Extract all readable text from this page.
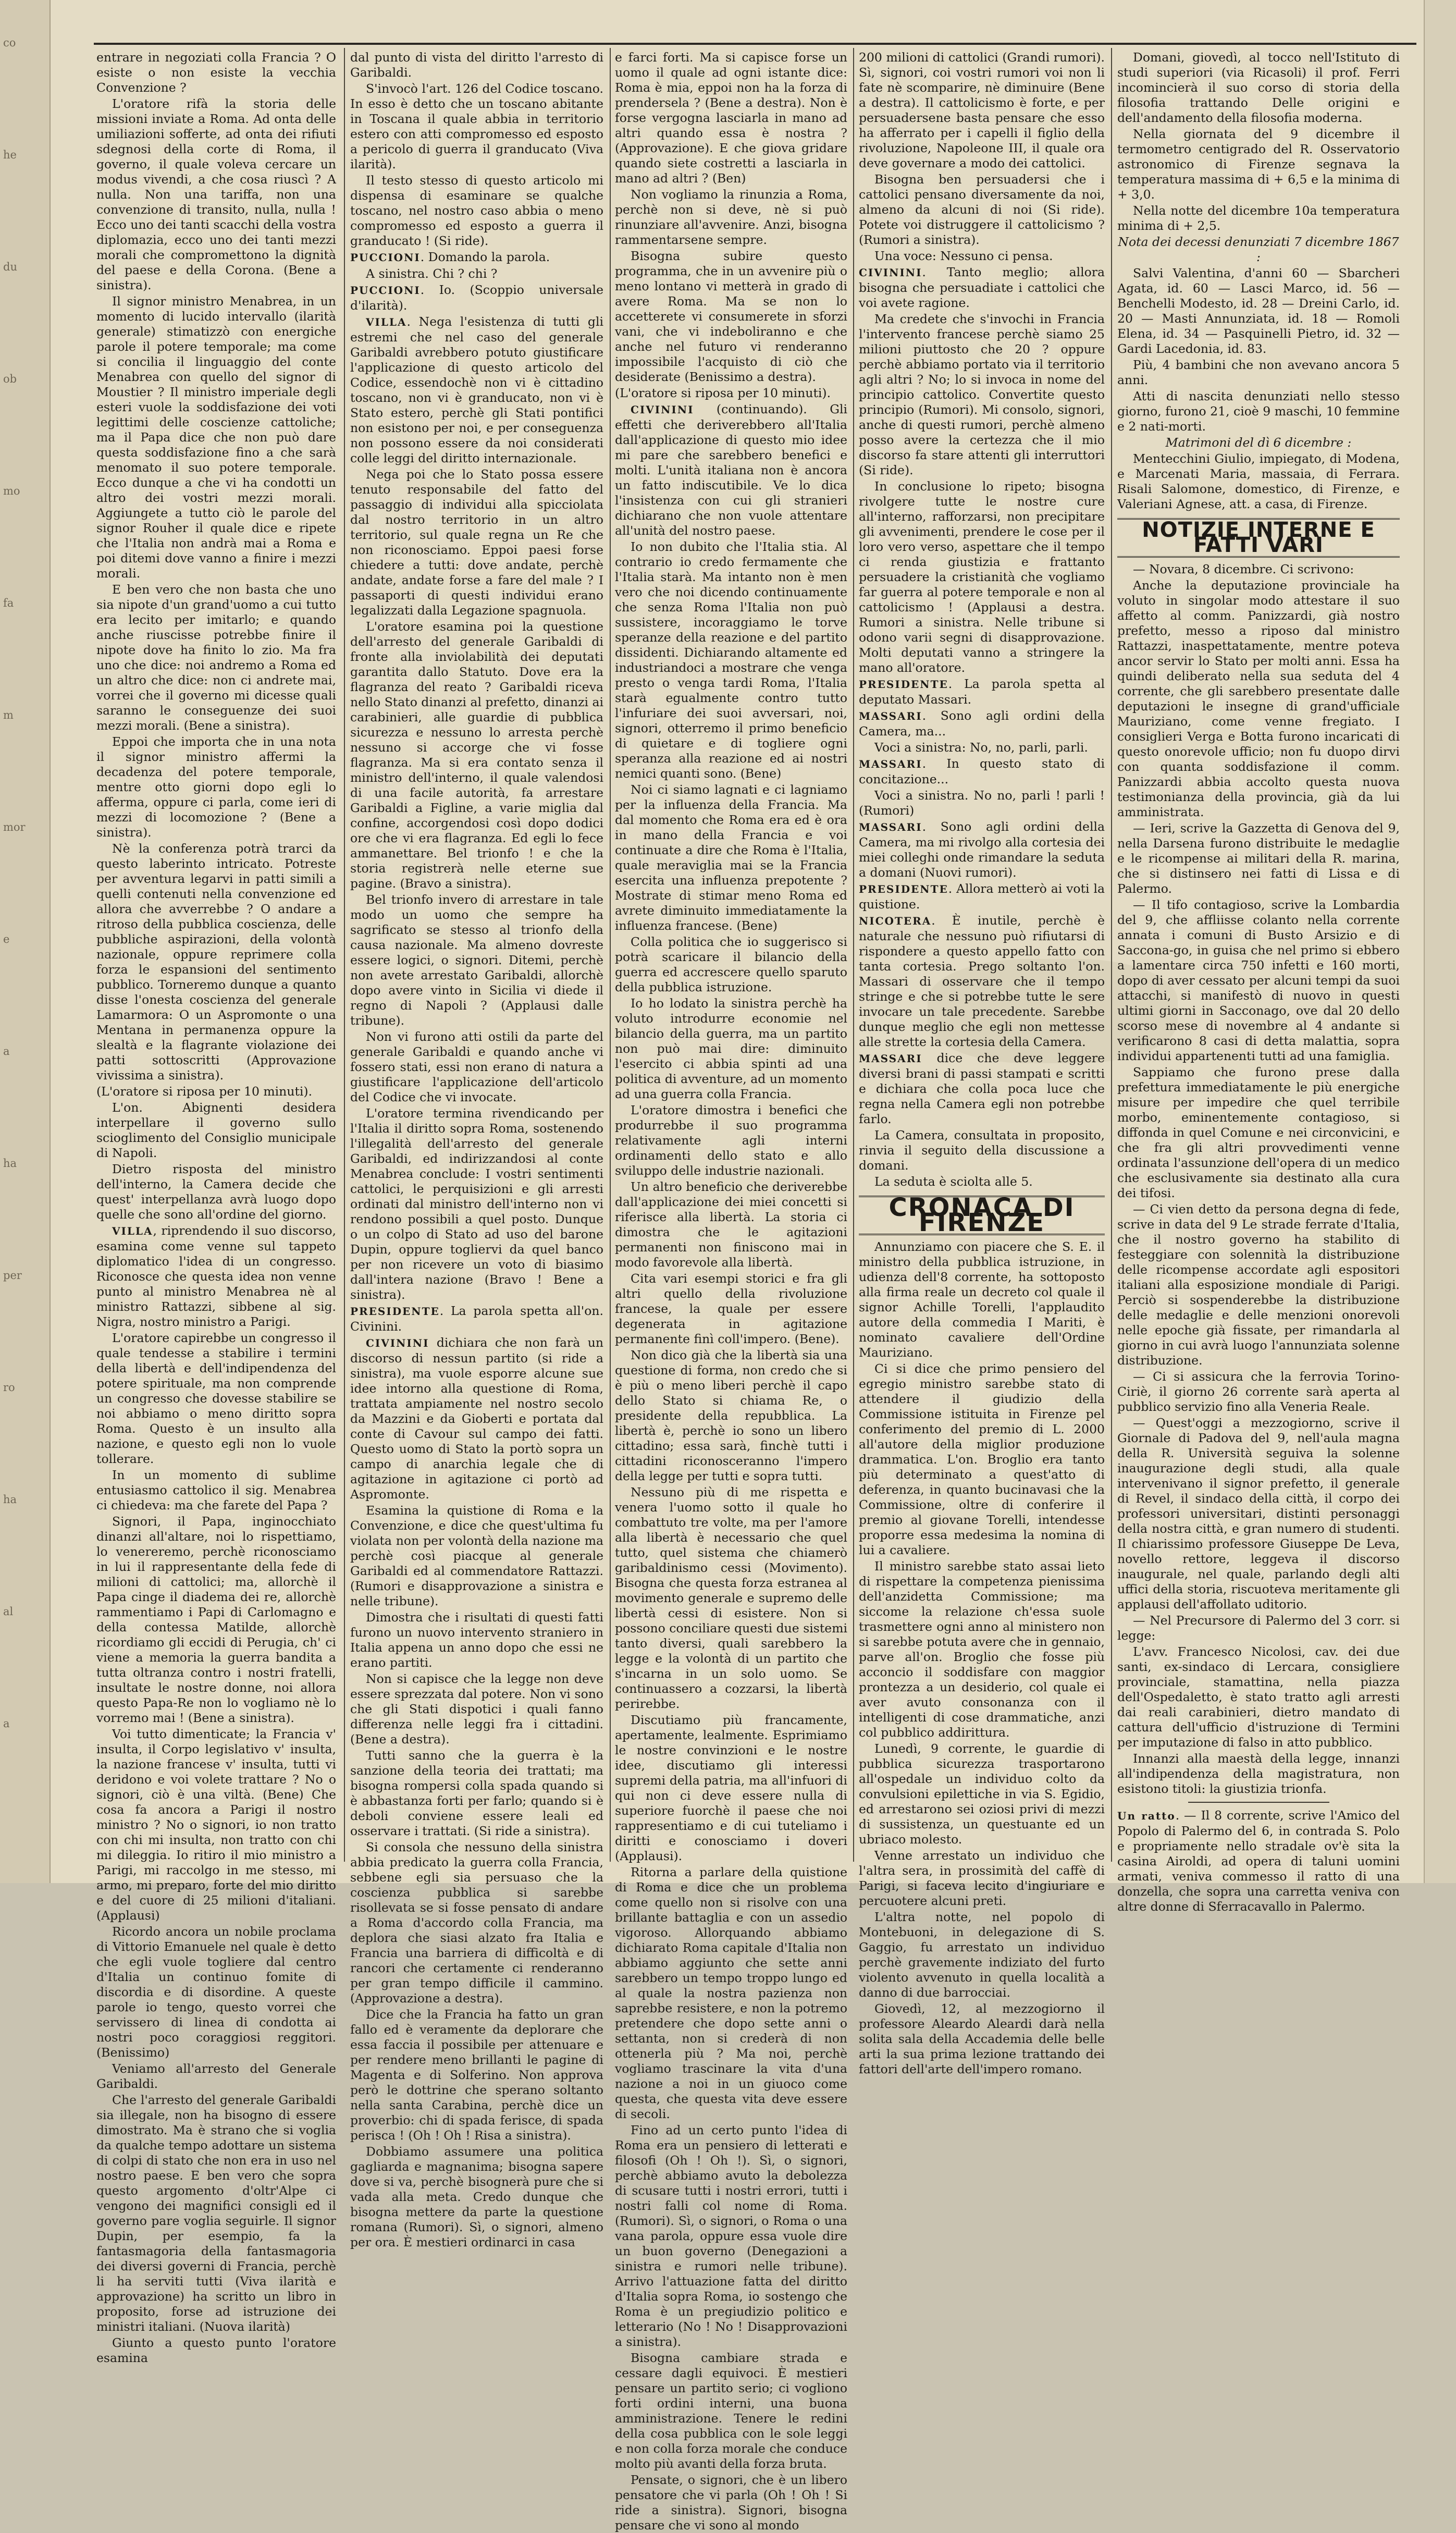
co
he
du
ob
mo
fa
m
mor
e
a
ha
per
ro
ha
al
a

entrare in negoziati colla Francia ? O esiste o non esiste la vecchia Convenzione ?

L'oratore rifà la storia delle missioni inviate a Roma. Ad onta delle umiliazioni sofferte, ad onta dei rifiuti sdegnosi della corte di Roma, il governo, il quale voleva cercare un modus vivendi, a che cosa riuscì ? A nulla. Non una tariffa, non una convenzione di transito, nulla, nulla ! Ecco uno dei tanti scacchi della vostra diplomazia, ecco uno dei tanti mezzi morali che compromettono la dignità del paese e della Corona. (Bene a sinistra).

Il signor ministro Menabrea, in un momento di lucido intervallo (ilarità generale) stimatizzò con energiche parole il potere temporale; ma come si concilia il linguaggio del conte Menabrea con quello del signor di Moustier ? Il ministro imperiale degli esteri vuole la soddisfazione dei voti legittimi delle coscienze cattoliche; ma il Papa dice che non può dare questa soddisfazione fino a che sarà menomato il suo potere temporale. Ecco dunque a che vi ha condotti un altro dei vostri mezzi morali. Aggiungete a tutto ciò le parole del signor Rouher il quale dice e ripete che l'Italia non andrà mai a Roma e poi ditemi dove vanno a finire i mezzi morali.

E ben vero che non basta che uno sia nipote d'un grand'uomo a cui tutto era lecito per imitarlo; e quando anche riuscisse potrebbe finire il nipote dove ha finito lo zio. Ma fra uno che dice: noi andremo a Roma ed un altro che dice: non ci andrete mai, vorrei che il governo mi dicesse quali saranno le conseguenze dei suoi mezzi morali. (Bene a sinistra).

Eppoi che importa che in una nota il signor ministro affermi la decadenza del potere temporale, mentre otto giorni dopo egli lo afferma, oppure ci parla, come ieri di mezzi di locomozione ? (Bene a sinistra).

Nè la conferenza potrà trarci da questo laberinto intricato. Potreste per avventura legarvi in patti simili a quelli contenuti nella convenzione ed allora che avverrebbe ? O andare a ritroso della pubblica coscienza, delle pubbliche aspirazioni, della volontà nazionale, oppure reprimere colla forza le espansioni del sentimento pubblico. Torneremo dunque a quanto disse l'onesta coscienza del generale Lamarmora: O un Aspromonte o una Mentana in permanenza oppure la slealtà e la flagrante violazione dei patti sottoscritti (Approvazione vivissima a sinistra).

(L'oratore si riposa per 10 minuti).

L'on. Abignenti desidera interpellare il governo sullo scioglimento del Consiglio municipale di Napoli.

Dietro risposta del ministro dell'interno, la Camera decide che quest' interpellanza avrà luogo dopo quelle che sono all'ordine del giorno.

VILLA, riprendendo il suo discorso, esamina come venne sul tappeto diplomatico l'idea di un congresso. Riconosce che questa idea non venne punto al ministro Menabrea nè al ministro Rattazzi, sibbene al sig. Nigra, nostro ministro a Parigi.

L'oratore capirebbe un congresso il quale tendesse a stabilire i termini della libertà e dell'indipendenza del potere spirituale, ma non comprende un congresso che dovesse stabilire se noi abbiamo o meno diritto sopra Roma. Questo è un insulto alla nazione, e questo egli non lo vuole tollerare.

In un momento di sublime entusiasmo cattolico il sig. Menabrea ci chiedeva: ma che farete del Papa ?

Signori, il Papa, inginocchiato dinanzi all'altare, noi lo rispettiamo, lo venereremo, perchè riconosciamo in lui il rappresentante della fede di milioni di cattolici; ma, allorchè il Papa cinge il diadema dei re, allorchè rammentiamo i Papi di Carlomagno e della contessa Matilde, allorchè ricordiamo gli eccidi di Perugia, ch' ci viene a memoria la guerra bandita a tutta oltranza contro i nostri fratelli, insultate le nostre donne, noi allora questo Papa-Re non lo vogliamo nè lo vorremo mai ! (Bene a sinistra).

Voi tutto dimenticate; la Francia v' insulta, il Corpo legislativo v' insulta, la nazione francese v' insulta, tutti vi deridono e voi volete trattare ? No o signori, ciò è una viltà. (Bene) Che cosa fa ancora a Parigi il nostro ministro ? No o signori, io non tratto con chi mi insulta, non tratto con chi mi dileggia. Io ritiro il mio ministro a Parigi, mi raccolgo in me stesso, mi armo, mi preparo, forte del mio diritto e del cuore di 25 milioni d'italiani. (Applausi)

Ricordo ancora un nobile proclama di Vittorio Emanuele nel quale è detto che egli vuole togliere dal centro d'Italia un continuo fomite di discordia e di disordine. A queste parole io tengo, questo vorrei che servissero di linea di condotta ai nostri poco coraggiosi reggitori. (Benissimo)

Veniamo all'arresto del Generale Garibaldi.

Che l'arresto del generale Garibaldi sia illegale, non ha bisogno di essere dimostrato. Ma è strano che si voglia da qualche tempo adottare un sistema di colpi di stato che non era in uso nel nostro paese. E ben vero che sopra questo argomento d'oltr'Alpe ci vengono dei magnifici consigli ed il governo pare voglia seguirle. Il signor Dupin, per esempio, fa la fantasmagoria della fantasmagoria dei diversi governi di Francia, perchè li ha serviti tutti (Viva ilarità e approvazione) ha scritto un libro in proposito, forse ad istruzione dei ministri italiani. (Nuova ilarità)

Giunto a questo punto l'oratore esamina

dal punto di vista del diritto l'arresto di Garibaldi.

S'invocò l'art. 126 del Codice toscano. In esso è detto che un toscano abitante in Toscana il quale abbia in territorio estero con atti compromesso ed esposto a pericolo di guerra il granducato (Viva ilarità).

Il testo stesso di questo articolo mi dispensa di esaminare se qualche toscano, nel nostro caso abbia o meno compromesso ed esposto a guerra il granducato ! (Si ride).

PUCCIONI. Domando la parola.

A sinistra. Chi ? chi ?

PUCCIONI. Io. (Scoppio universale d'ilarità).

VILLA. Nega l'esistenza di tutti gli estremi che nel caso del generale Garibaldi avrebbero potuto giustificare l'applicazione di questo articolo del Codice, essendochè non vi è cittadino toscano, non vi è granducato, non vi è Stato estero, perchè gli Stati pontifici non esistono per noi, e per conseguenza non possono essere da noi considerati colle leggi del diritto internazionale.

Nega poi che lo Stato possa essere tenuto responsabile del fatto del passaggio di individui alla spicciolata dal nostro territorio in un altro territorio, sul quale regna un Re che non riconosciamo. Eppoi paesi forse chiedere a tutti: dove andate, perchè andate, andate forse a fare del male ? I passaporti di questi individui erano legalizzati dalla Legazione spagnuola.

L'oratore esamina poi la questione dell'arresto del generale Garibaldi di fronte alla inviolabilità dei deputati garantita dallo Statuto. Dove era la flagranza del reato ? Garibaldi riceva nello Stato dinanzi al prefetto, dinanzi ai carabinieri, alle guardie di pubblica sicurezza e nessuno lo arresta perchè nessuno si accorge che vi fosse flagranza. Ma si era contato senza il ministro dell'interno, il quale valendosi di una facile autorità, fa arrestare Garibaldi a Figline, a varie miglia dal confine, accorgendosi così dopo dodici ore che vi era flagranza. Ed egli lo fece ammanettare. Bel trionfo ! e che la storia registrerà nelle eterne sue pagine. (Bravo a sinistra).

Bel trionfo invero di arrestare in tale modo un uomo che sempre ha sagrificato se stesso al trionfo della causa nazionale. Ma almeno dovreste essere logici, o signori. Ditemi, perchè non avete arrestato Garibaldi, allorchè dopo avere vinto in Sicilia vi diede il regno di Napoli ? (Applausi dalle tribune).

Non vi furono atti ostili da parte del generale Garibaldi e quando anche vi fossero stati, essi non erano di natura a giustificare l'applicazione dell'articolo del Codice che vi invocate.

L'oratore termina rivendicando per l'Italia il diritto sopra Roma, sostenendo l'illegalità dell'arresto del generale Garibaldi, ed indirizzandosi al conte Menabrea conclude: I vostri sentimenti cattolici, le perquisizioni e gli arresti ordinati dal ministro dell'interno non vi rendono possibili a quel posto. Dunque o un colpo di Stato ad uso del barone Dupin, oppure togliervi da quel banco per non ricevere un voto di biasimo dall'intera nazione (Bravo ! Bene a sinistra).

PRESIDENTE. La parola spetta all'on. Civinini.

CIVININI dichiara che non farà un discorso di nessun partito (si ride a sinistra), ma vuole esporre alcune sue idee intorno alla questione di Roma, trattata ampiamente nel nostro secolo da Mazzini e da Gioberti e portata dal conte di Cavour sul campo dei fatti. Questo uomo di Stato la portò sopra un campo di anarchia legale che di agitazione in agitazione ci portò ad Aspromonte.

Esamina la quistione di Roma e la Convenzione, e dice che quest'ultima fu violata non per volontà della nazione ma perchè così piacque al generale Garibaldi ed al commendatore Rattazzi. (Rumori e disapprovazione a sinistra e nelle tribune).

Dimostra che i risultati di questi fatti furono un nuovo intervento straniero in Italia appena un anno dopo che essi ne erano partiti.

Non si capisce che la legge non deve essere sprezzata dal potere. Non vi sono che gli Stati dispotici i quali fanno differenza nelle leggi fra i cittadini. (Bene a destra).

Tutti sanno che la guerra è la sanzione della teoria dei trattati; ma bisogna rompersi colla spada quando si è abbastanza forti per farlo; quando si è deboli conviene essere leali ed osservare i trattati. (Si ride a sinistra).

Si consola che nessuno della sinistra abbia predicato la guerra colla Francia, sebbene egli sia persuaso che la coscienza pubblica si sarebbe risollevata se si fosse pensato di andare a Roma d'accordo colla Francia, ma deplora che siasi alzato fra Italia e Francia una barriera di difficoltà e di rancori che certamente ci renderanno per gran tempo difficile il cammino. (Approvazione a destra).

Dice che la Francia ha fatto un gran fallo ed è veramente da deplorare che essa faccia il possibile per attenuare e per rendere meno brillanti le pagine di Magenta e di Solferino. Non approva però le dottrine che sperano soltanto nella santa Carabina, perchè dice un proverbio: chi di spada ferisce, di spada perisca ! (Oh ! Oh ! Risa a sinistra).

Dobbiamo assumere una politica gagliarda e magnanima; bisogna sapere dove si va, perchè bisognerà pure che si vada alla meta. Credo dunque che bisogna mettere da parte la questione romana (Rumori). Sì, o signori, almeno per ora. È mestieri ordinarci in casa

e farci forti. Ma si capisce forse un uomo il quale ad ogni istante dice: Roma è mia, eppoi non ha la forza di prendersela ? (Bene a destra). Non è forse vergogna lasciarla in mano ad altri quando essa è nostra ? (Approvazione). E che giova gridare quando siete costretti a lasciarla in mano ad altri ? (Ben)

Non vogliamo la rinunzia a Roma, perchè non si deve, nè si può rinunziare all'avvenire. Anzi, bisogna rammentarsene sempre.

Bisogna subire questo programma, che in un avvenire più o meno lontano vi metterà in grado di avere Roma. Ma se non lo accetterete vi consumerete in sforzi vani, che vi indeboliranno e che anche nel futuro vi renderanno impossibile l'acquisto di ciò che desiderate (Benissimo a destra).

(L'oratore si riposa per 10 minuti).

CIVININI (continuando). Gli effetti che deriverebbero all'Italia dall'applicazione di questo mio idee mi pare che sarebbero benefici e molti. L'unità italiana non è ancora un fatto indiscutibile. Ve lo dica l'insistenza con cui gli stranieri dichiarano che non vuole attentare all'unità del nostro paese.

Io non dubito che l'Italia stia. Al contrario io credo fermamente che l'Italia starà. Ma intanto non è men vero che noi dicendo continuamente che senza Roma l'Italia non può sussistere, incoraggiamo le torve speranze della reazione e del partito dissidenti. Dichiarando altamente ed industriandoci a mostrare che venga presto o venga tardi Roma, l'Italia starà egualmente contro tutto l'infuriare dei suoi avversari, noi, signori, otterremo il primo beneficio di quietare e di togliere ogni speranza alla reazione ed ai nostri nemici quanti sono. (Bene)

Noi ci siamo lagnati e ci lagniamo per la influenza della Francia. Ma dal momento che Roma era ed è ora in mano della Francia e voi continuate a dire che Roma è l'Italia, quale meraviglia mai se la Francia esercita una influenza prepotente ? Mostrate di stimar meno Roma ed avrete diminuito immediatamente la influenza francese. (Bene)

Colla politica che io suggerisco si potrà scaricare il bilancio della guerra ed accrescere quello sparuto della pubblica istruzione.

Io ho lodato la sinistra perchè ha voluto introdurre economie nel bilancio della guerra, ma un partito non può mai dire: diminuito l'esercito ci abbia spinti ad una politica di avventure, ad un momento ad una guerra colla Francia.

L'oratore dimostra i benefici che produrrebbe il suo programma relativamente agli interni ordinamenti dello stato e allo sviluppo delle industrie nazionali.

Un altro beneficio che deriverebbe dall'applicazione dei miei concetti si riferisce alla libertà. La storia ci dimostra che le agitazioni permanenti non finiscono mai in modo favorevole alla libertà.

Cita vari esempi storici e fra gli altri quello della rivoluzione francese, la quale per essere degenerata in agitazione permanente finì coll'impero. (Bene).

Non dico già che la libertà sia una questione di forma, non credo che si è più o meno liberi perchè il capo dello Stato si chiama Re, o presidente della repubblica. La libertà è, perchè io sono un libero cittadino; essa sarà, finchè tutti i cittadini riconosceranno l'impero della legge per tutti e sopra tutti.

Nessuno più di me rispetta e venera l'uomo sotto il quale ho combattuto tre volte, ma per l'amore alla libertà è necessario che quel tutto, quel sistema che chiamerò garibaldinismo cessi (Movimento). Bisogna che questa forza estranea al movimento generale e supremo delle libertà cessi di esistere. Non si possono conciliare questi due sistemi tanto diversi, quali sarebbero la legge e la volontà di un partito che s'incarna in un solo uomo. Se continuassero a cozzarsi, la libertà perirebbe.

Discutiamo più francamente, apertamente, lealmente. Esprimiamo le nostre convinzioni e le nostre idee, discutiamo gli interessi supremi della patria, ma all'infuori di qui non ci deve essere nulla di superiore fuorchè il paese che noi rappresentiamo e di cui tuteliamo i diritti e conosciamo i doveri (Applausi).

Ritorna a parlare della quistione di Roma e dice che un problema come quello non si risolve con una brillante battaglia e con un assedio vigoroso. Allorquando abbiamo dichiarato Roma capitale d'Italia non abbiamo aggiunto che sette anni sarebbero un tempo troppo lungo ed al quale la nostra pazienza non saprebbe resistere, e non la potremo pretendere che dopo sette anni o settanta, non si crederà di non ottenerla più ? Ma noi, perchè vogliamo trascinare la vita d'una nazione a noi in un giuoco come questa, che questa vita deve essere di secoli.

Fino ad un certo punto l'idea di Roma era un pensiero di letterati e filosofi (Oh ! Oh !). Sì, o signori, perchè abbiamo avuto la debolezza di scusare tutti i nostri errori, tutti i nostri falli col nome di Roma. (Rumori). Sì, o signori, o Roma o una vana parola, oppure essa vuole dire un buon governo (Denegazioni a sinistra e rumori nelle tribune). Arrivo l'attuazione fatta del diritto d'Italia sopra Roma, io sostengo che Roma è un pregiudizio politico e letterario (No ! No ! Disapprovazioni a sinistra).

Bisogna cambiare strada e cessare dagli equivoci. È mestieri pensare un partito serio; ci vogliono forti ordini interni, una buona amministrazione. Tenere le redini della cosa pubblica con le sole leggi e non colla forza morale che conduce molto più avanti della forza bruta.

Pensate, o signori, che è un libero pensatore che vi parla (Oh ! Oh ! Si ride a sinistra). Signori, bisogna pensare che vi sono al mondo

200 milioni di cattolici (Grandi rumori). Sì, signori, coi vostri rumori voi non li fate nè scomparire, nè diminuire (Bene a destra). Il cattolicismo è forte, e per persuadersene basta pensare che esso ha afferrato per i capelli il figlio della rivoluzione, Napoleone III, il quale ora deve governare a modo dei cattolici.

Bisogna ben persuadersi che i cattolici pensano diversamente da noi, almeno da alcuni di noi (Si ride). Potete voi distruggere il cattolicismo ? (Rumori a sinistra).

Una voce: Nessuno ci pensa.

CIVININI. Tanto meglio; allora bisogna che persuadiate i cattolici che voi avete ragione.

Ma credete che s'invochi in Francia l'intervento francese perchè siamo 25 milioni piuttosto che 20 ? oppure perchè abbiamo portato via il territorio agli altri ? No; lo si invoca in nome del principio cattolico. Convertite questo principio (Rumori). Mi consolo, signori, anche di questi rumori, perchè almeno posso avere la certezza che il mio discorso fa stare attenti gli interruttori (Si ride).

In conclusione lo ripeto; bisogna rivolgere tutte le nostre cure all'interno, rafforzarsi, non precipitare gli avvenimenti, prendere le cose per il loro vero verso, aspettare che il tempo ci renda giustizia e frattanto persuadere la cristianità che vogliamo far guerra al potere temporale e non al cattolicismo ! (Applausi a destra. Rumori a sinistra. Nelle tribune si odono varii segni di disapprovazione. Molti deputati vanno a stringere la mano all'oratore.

PRESIDENTE. La parola spetta al deputato Massari.

MASSARI. Sono agli ordini della Camera, ma...

Voci a sinistra: No, no, parli, parli.

MASSARI. In questo stato di concitazione...

Voci a sinistra. No no, parli ! parli ! (Rumori)

MASSARI. Sono agli ordini della Camera, ma mi rivolgo alla cortesia dei miei colleghi onde rimandare la seduta a domani (Nuovi rumori).

PRESIDENTE. Allora metterò ai voti la quistione.

NICOTERA. È inutile, perchè è naturale che nessuno può rifiutarsi di rispondere a questo appello fatto con tanta cortesia. Prego soltanto l'on. Massari di osservare che il tempo stringe e che si potrebbe tutte le sere invocare un tale precedente. Sarebbe dunque meglio che egli non mettesse alle strette la cortesia della Camera.

MASSARI dice che deve leggere diversi brani di passi stampati e scritti e dichiara che colla poca luce che regna nella Camera egli non potrebbe farlo.

La Camera, consultata in proposito, rinvia il seguito della discussione a domani.

La seduta è sciolta alle 5.

CRONACA DI FIRENZE

Annunziamo con piacere che S. E. il ministro della pubblica istruzione, in udienza dell'8 corrente, ha sottoposto alla firma reale un decreto col quale il signor Achille Torelli, l'applaudito autore della commedia I Mariti, è nominato cavaliere dell'Ordine Mauriziano.

Ci si dice che primo pensiero del egregio ministro sarebbe stato di attendere il giudizio della Commissione istituita in Firenze pel conferimento del premio di L. 2000 all'autore della miglior produzione drammatica. L'on. Broglio era tanto più determinato a quest'atto di deferenza, in quanto bucinavasi che la Commissione, oltre di conferire il premio al giovane Torelli, intendesse proporre essa medesima la nomina di lui a cavaliere.

Il ministro sarebbe stato assai lieto di rispettare la competenza pienissima dell'anzidetta Commissione; ma siccome la relazione ch'essa suole trasmettere ogni anno al ministero non si sarebbe potuta avere che in gennaio, parve all'on. Broglio che fosse più acconcio il soddisfare con maggior prontezza a un desiderio, col quale ei aver avuto consonanza con il intelligenti di cose drammatiche, anzi col pubblico addirittura.

Lunedì, 9 corrente, le guardie di pubblica sicurezza trasportarono all'ospedale un individuo colto da convulsioni epilettiche in via S. Egidio, ed arrestarono sei oziosi privi di mezzi di sussistenza, un questuante ed un ubriaco molesto.

Venne arrestato un individuo che l'altra sera, in prossimità del caffè di Parigi, si faceva lecito d'ingiuriare e percuotere alcuni preti.

L'altra notte, nel popolo di Montebuoni, in delegazione di S. Gaggio, fu arrestato un individuo perchè gravemente indiziato del furto violento avvenuto in quella località a danno di due barrocciai.

Giovedì, 12, al mezzogiorno il professore Aleardo Aleardi darà nella solita sala della Accademia delle belle arti la sua prima lezione trattando dei fattori dell'arte dell'impero romano.

Domani, giovedì, al tocco nell'Istituto di studi superiori (via Ricasoli) il prof. Ferri incomincierà il suo corso di storia della filosofia trattando Delle origini e dell'andamento della filosofia moderna.

Nella giornata del 9 dicembre il termometro centigrado del R. Osservatorio astronomico di Firenze segnava la temperatura massima di + 6,5 e la minima di + 3,0.

Nella notte del dicembre 10a temperatura minima di + 2,5.

Nota dei decessi denunziati 7 dicembre 1867 :

Salvi Valentina, d'anni 60 — Sbarcheri Agata, id. 60 — Lasci Marco, id. 56 — Benchelli Modesto, id. 28 — Dreini Carlo, id. 20 — Masti Annunziata, id. 18 — Romoli Elena, id. 34 — Pasquinelli Pietro, id. 32 — Gardi Lacedonia, id. 83.

Più, 4 bambini che non avevano ancora 5 anni.

Atti di nascita denunziati nello stesso giorno, furono 21, cioè 9 maschi, 10 femmine e 2 nati-morti.

Matrimoni del dì 6 dicembre :

Mentecchini Giulio, impiegato, di Modena, e Marcenati Maria, massaia, di Ferrara. Risali Salomone, domestico, di Firenze, e Valeriani Agnese, att. a casa, di Firenze.

NOTIZIE INTERNE E FATTI VARI

— Novara, 8 dicembre. Ci scrivono:

Anche la deputazione provinciale ha voluto in singolar modo attestare il suo affetto al comm. Panizzardi, già nostro prefetto, messo a riposo dal ministro Rattazzi, inaspettatamente, mentre poteva ancor servir lo Stato per molti anni. Essa ha quindi deliberato nella sua seduta del 4 corrente, che gli sarebbero presentate dalle deputazioni le insegne di grand'ufficiale Mauriziano, come venne fregiato. I consiglieri Verga e Botta furono incaricati di questo onorevole ufficio; non fu duopo dirvi con quanta soddisfazione il comm. Panizzardi abbia accolto questa nuova testimonianza della provincia, già da lui amministrata.

— Ieri, scrive la Gazzetta di Genova del 9, nella Darsena furono distribuite le medaglie e le ricompense ai militari della R. marina, che si distinsero nei fatti di Lissa e di Palermo.

— Il tifo contagioso, scrive la Lombardia del 9, che affliisse colanto nella corrente annata i comuni di Busto Arsizio e di Saccona-go, in guisa che nel primo si ebbero a lamentare circa 750 infetti e 160 morti, dopo di aver cessato per alcuni tempi da suoi attacchi, si manifestò di nuovo in questi ultimi giorni in Sacconago, ove dal 20 dello scorso mese di novembre al 4 andante si verificarono 8 casi di detta malattia, sopra individui appartenenti tutti ad una famiglia.

Sappiamo che furono prese dalla prefettura immediatamente le più energiche misure per impedire che quel terribile morbo, eminentemente contagioso, si diffonda in quel Comune e nei circonvicini, e che fra gli altri provvedimenti venne ordinata l'assunzione dell'opera di un medico che esclusivamente sia destinato alla cura dei tifosi.

— Ci vien detto da persona degna di fede, scrive in data del 9 Le strade ferrate d'Italia, che il nostro governo ha stabilito di festeggiare con solennità la distribuzione delle ricompense accordate agli espositori italiani alla esposizione mondiale di Parigi. Perciò si sospenderebbe la distribuzione delle medaglie e delle menzioni onorevoli nelle epoche già fissate, per rimandarla al giorno in cui avrà luogo l'annunziata solenne distribuzione.

— Ci si assicura che la ferrovia Torino-Ciriè, il giorno 26 corrente sarà aperta al pubblico servizio fino alla Veneria Reale.

— Quest'oggi a mezzogiorno, scrive il Giornale di Padova del 9, nell'aula magna della R. Università seguiva la solenne inaugurazione degli studi, alla quale intervenivano il signor prefetto, il generale di Revel, il sindaco della città, il corpo dei professori universitari, distinti personaggi della nostra città, e gran numero di studenti. Il chiarissimo professore Giuseppe De Leva, novello rettore, leggeva il discorso inaugurale, nel quale, parlando degli alti uffici della storia, riscuoteva meritamente gli applausi dell'affollato uditorio.

— Nel Precursore di Palermo del 3 corr. si legge:

L'avv. Francesco Nicolosi, cav. dei due santi, ex-sindaco di Lercara, consigliere provinciale, stamattina, nella piazza dell'Ospedaletto, è stato tratto agli arresti dai reali carabinieri, dietro mandato di cattura dell'ufficio d'istruzione di Termini per imputazione di falso in atto pubblico.

Innanzi alla maestà della legge, innanzi all'indipendenza della magistratura, non esistono titoli: la giustizia trionfa.

Un ratto. — Il 8 corrente, scrive l'Amico del Popolo di Palermo del 6, in contrada S. Polo e propriamente nello stradale ov'è sita la casina Airoldi, ad opera di taluni uomini armati, veniva commesso il ratto di una donzella, che sopra una carretta veniva con altre donne di Sferracavallo in Palermo.
